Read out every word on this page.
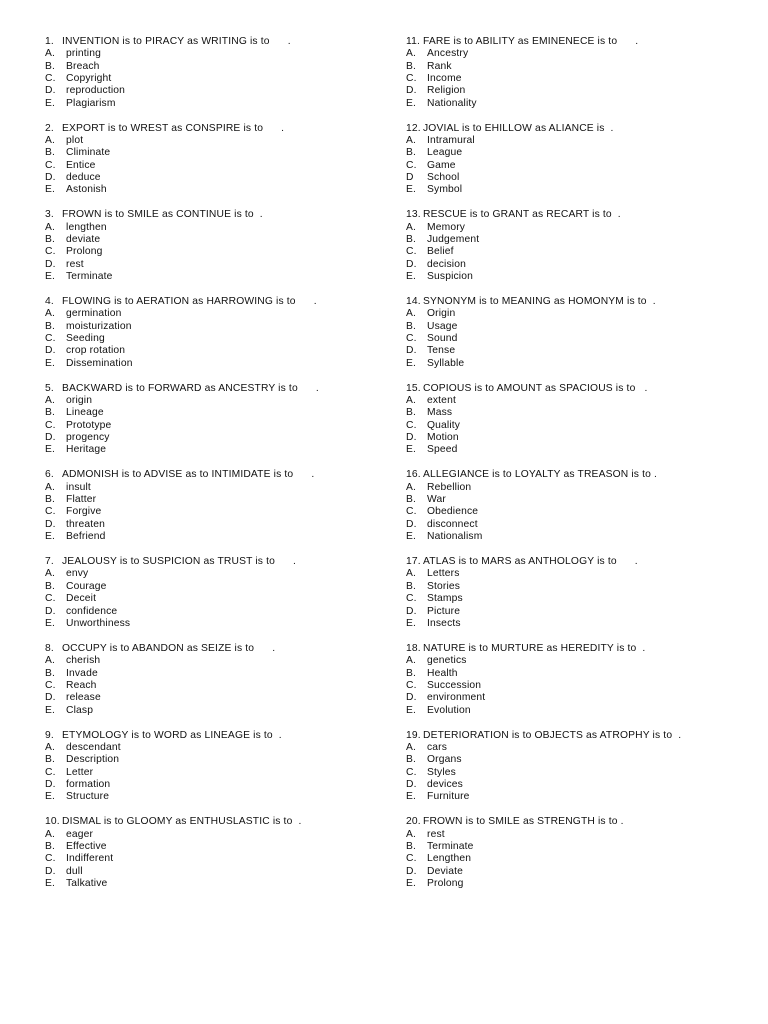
1. INVENTION is to PIRACY as WRITING is to      .
A. printing
B. Breach
C. Copyright
D. reproduction
E. Plagiarism
2. EXPORT is to WREST as CONSPIRE is to      .
A. plot
B. Climinate
C. Entice
D. deduce
E. Astonish
3. FROWN is to SMILE as CONTINUE is to  .
A. lengthen
B. deviate
C. Prolong
D. rest
E. Terminate
4. FLOWING is to AERATION as HARROWING is to      .
A. germination
B. moisturization
C. Seeding
D. crop rotation
E. Dissemination
5. BACKWARD is to FORWARD as ANCESTRY is to      .
A. origin
B. Lineage
C. Prototype
D. progency
E. Heritage
6. ADMONISH is to ADVISE as to INTIMIDATE is to      .
A. insult
B. Flatter
C. Forgive
D. threaten
E. Befriend
7. JEALOUSY is to SUSPICION as TRUST is to      .
A. envy
B. Courage
C. Deceit
D. confidence
E. Unworthiness
8. OCCUPY is to ABANDON as SEIZE is to      .
A. cherish
B. Invade
C. Reach
D. release
E. Clasp
9. ETYMOLOGY is to WORD as LINEAGE is to  .
A. descendant
B. Description
C. Letter
D. formation
E. Structure
10. DISMAL is to GLOOMY as ENTHUSLASTIC is to  .
A. eager
B. Effective
C. Indifferent
D. dull
E. Talkative
11. FARE is to ABILITY as EMINENECE is to      .
A. Ancestry
B. Rank
C. Income
D. Religion
E. Nationality
12. JOVIAL is to EHILLOW as ALIANCE is  .
A. Intramural
B. League
C. Game
D School
E. Symbol
13. RESCUE is to GRANT as RECART is to  .
A. Memory
B. Judgement
C. Belief
D. decision
E. Suspicion
14. SYNONYM is to MEANING as HOMONYM is to  .
A. Origin
B. Usage
C. Sound
D. Tense
E. Syllable
15. COPIOUS is to AMOUNT as SPACIOUS is to   .
A. extent
B. Mass
C. Quality
D. Motion
E. Speed
16. ALLEGIANCE is to LOYALTY as TREASON is to .
A. Rebellion
B. War
C. Obedience
D. disconnect
E. Nationalism
17. ATLAS is to MARS as ANTHOLOGY is to      .
A. Letters
B. Stories
C. Stamps
D. Picture
E. Insects
18. NATURE is to MURTURE as HEREDITY is to  .
A. genetics
B. Health
C. Succession
D. environment
E. Evolution
19. DETERIORATION is to OBJECTS as ATROPHY is to  .
A. cars
B. Organs
C. Styles
D. devices
E. Furniture
20. FROWN is to SMILE as STRENGTH is to .
A. rest
B. Terminate
C. Lengthen
D. Deviate
E. Prolong
